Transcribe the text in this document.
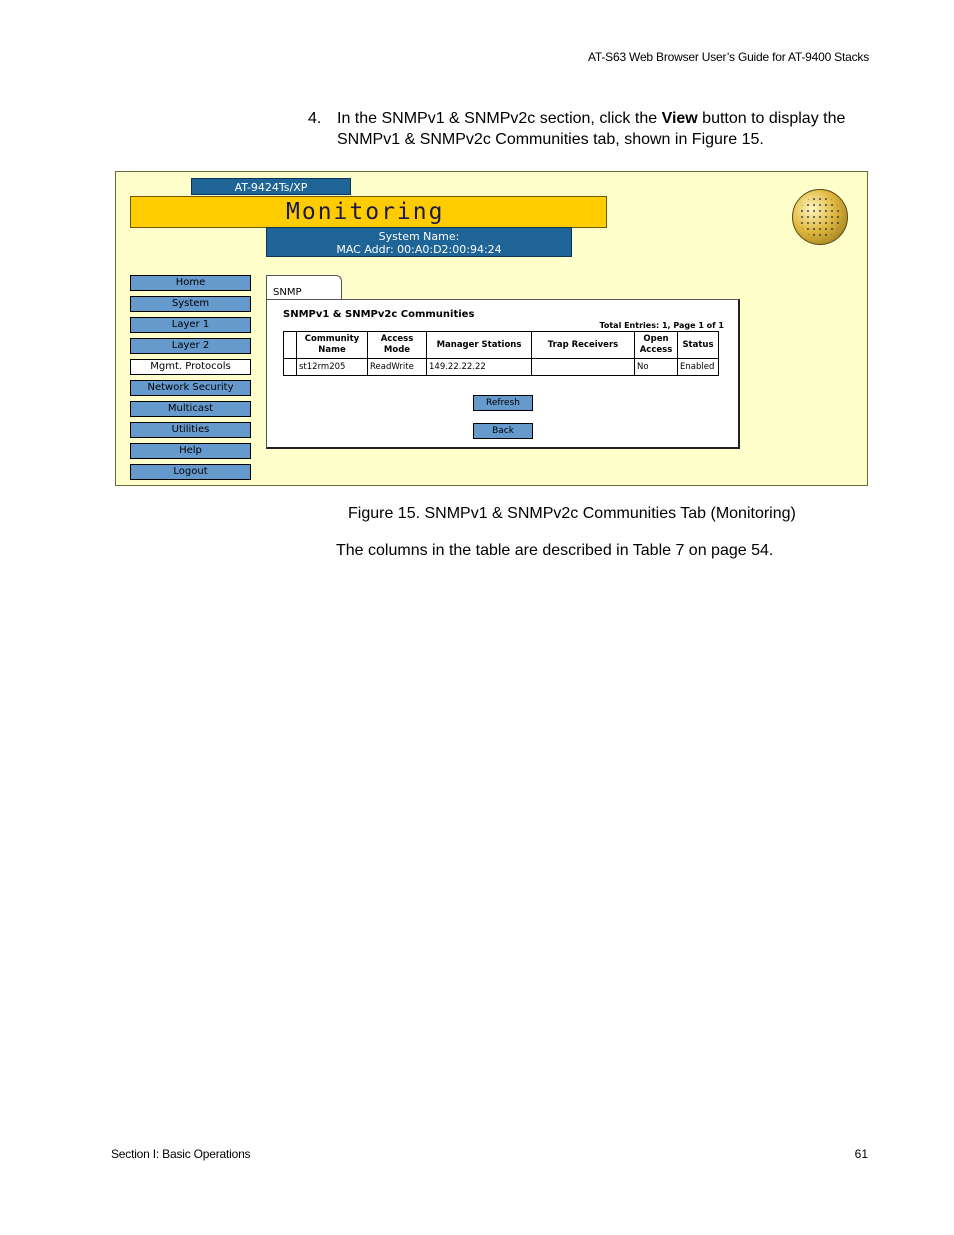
AT-S63 Web Browser User’s Guide for AT-9400 Stacks
4. In the SNMPv1 & SNMPv2c section, click the View button to display the SNMPv1 & SNMPv2c Communities tab, shown in Figure 15.
AT-9424Ts/XP
Monitoring
System Name:
MAC Addr: 00:A0:D2:00:94:24
Home
System
Layer 1
Layer 2
Mgmt. Protocols
Network Security
Multicast
Utilities
Help
Logout
SNMP
SNMPv1 & SNMPv2c Communities
Total Entries: 1, Page 1 of 1
	Community Name	Access Mode	Manager Stations	Trap Receivers	Open Access	Status
	st12rm205	ReadWrite	149.22.22.22		No	Enabled
Refresh
Back
Figure 15. SNMPv1 & SNMPv2c Communities Tab (Monitoring)
The columns in the table are described in Table 7 on page 54.
Section I: Basic Operations	61
